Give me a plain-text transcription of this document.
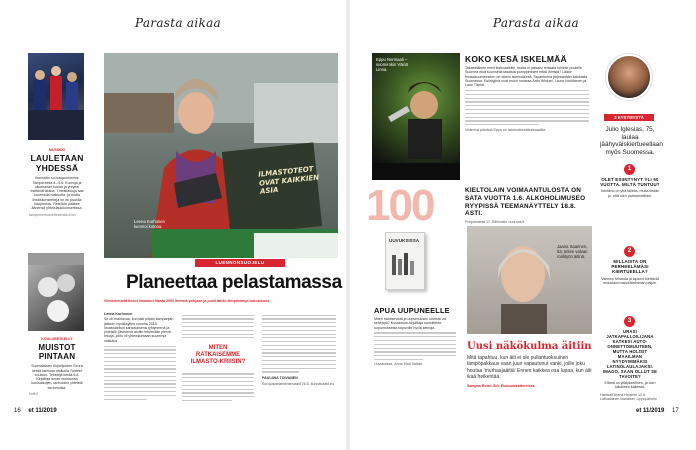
Parasta aikaa
MUSIIKKI
LAULETAAN YHDESSÄ
Ihmisään soi kaupunkimme Tampereella 4.–9.6. Kuoroja ja ulkomaiset kuorot ja yhtyeet esittävät laulua. Yhteislauluja saa kuunnella maksutta, ja mutta ilmaiskonsertteja on eri puolilla kaupunkia. Yleisökin pääsee äänensä yhteislaulukonsertissa.
tampereensavelfestivals.fi/en/
KOULURETKELLY
MUISTOT PINTAAN
Suomalaisen Kirjailijoiden Seura kerää tarinoita otsikolla Tunteet kouluun. Tekstejä kerää 6.8. Kirjoittaa oman muistonsa kouluaikojen, tarinoiden yhteistä kertomusta.
finlit.fi
ILMASTOTEOT OVAT KAIKKIEN ASIA
Leena Korhonen luennoi kotona.
LUENNONSUOJELU
Planeettaa pelastamassa
Viimeisimmät tiedot ilmaston tilasta 2000 ihmistä pohjaan ja puoli tähän lämpimämpi tulevaisuus.
Leena Korhonen
Se oli mahtavaa, kun taki pitkän kampanjan jälkeen hyväksyttiin vuonna 2015. Ilmastokriisin kansalaisena ryhtyneenä ja yhteisön jäsenenä aloitin tekemään pieniä tekoja, joilla oli yhteiskuntaan suurempi vaikutus.
MITEN RATKAISEMME ILMASTO-KRIISIN?
PAULIINA TOIVANEN
Europaparlamentinvaalit 26.5. kunnavaalit.eu
16 et 11/2019
Parasta aikaa
Eppu Normaali – suomirokin Väinö Linna.
KOKO KESÄ ISKELMÄÄ
Takaeeläinen mieli festivaaleille, mutta ei jaksaisi reissata toiselle puolelle Suomea eikä kuunnella tasaista pomppimisen eitää ihmisiä? Lääke festarikuumeeseen on oikein iskelmäkesä. Tapahtumia järjestetään kaikkialla Suomessa. Esiintyjinä ovat muun muassa Arttu Wiskari, Laura Voutilainen ja Lauri Tähkä.
Viidennä päivänä Eppu on iskelmäkesäfestivaalilla.
100	KIELTOLAIN VOIMAANTULOSTA ON SATA VUOTTA 1.6. ALKOHOLIMUSEO RYYPISSÄ TEEMANÄYTTELY 18.8. ASTI.
Pohjoisranta 17, Riihimäki. nuoruus.fi
UUVUKSISSA
APUA UUPUNEELLE
Miten häiritsevistä ja uupumuksen oireista voi selviytyä? Kustannus-kirjoittaja suosittelee uupumuksesta toipuville hyviä keinoja.
Uuvuksissa, Anne-Mari Sahari.
Jaana Saarinen, 63, tekee valvan roolityön äitinä.
Uusi näkökulma äitiin
Mitä tapahtuu, kun äiti ei ole pullantuoksuinen lämpöpakkaus vaan juuri vapautunut vanki, joille joku houtaa 'murhaajaäitiä' Ennen kaikkea osa lupaa, kun äiti ikää heikentää.
Sampsa Rotal: Äiti. Elokuvateattereissa.
3 KYSYMYSTÄ
Julio Iglesias, 75, laulaa jäähyväiskiertueellaan myös Suomessa.
1
OLET ESIINTYNYT YLI 50 VUOTTA. MILTÄ TUNTUU?
Intohimo on yhä tallella, mutta tiedän jo, että olen parhaimmillani.
2
MILLAISTA ON PERHEELÄMÄSI KIERTUEELLA?
Vaimoni Miranda ja lapseni kiertävät mukanani mahdollisimman paljon.
3
URASI JATKAPALLOILIJANA KATKESI AUTO-ONNETTOMUUTEEN, MUTTA HOLISIT MAAILMAN NYYDYIMMÄKSI LATINOLAULAJAKSI. IMAGO, SAAN OLLUT SE TAVOITE?
Elämä on yllätyksellinen, ja olen kiitollinen kaikesta.
Hartwall Arena Helsinki 12.6. Latinalainen iltanaiset, Lippupalvelu
et 11/2019 17
